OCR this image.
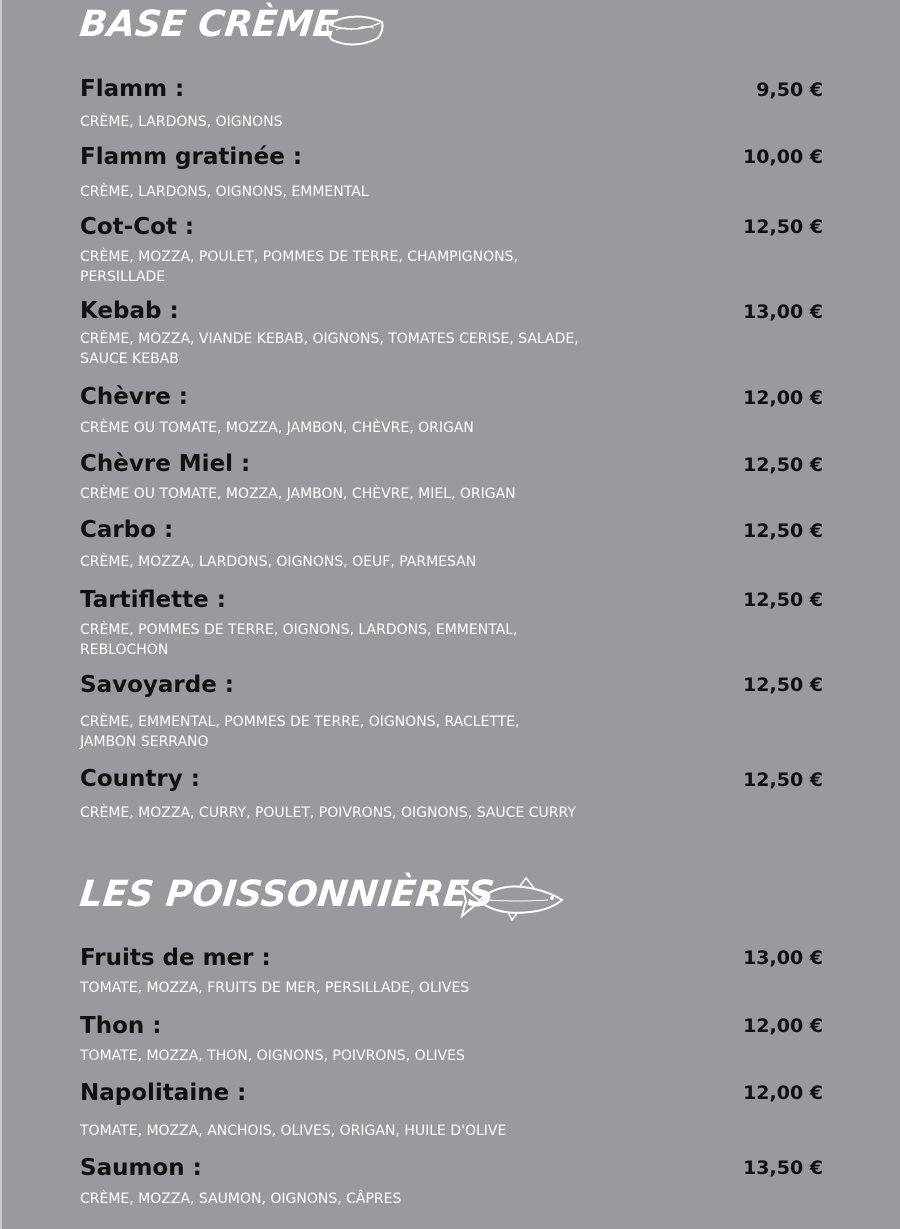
BASE CRÈME
Flamm :	9,50 €
CRÈME, LARDONS, OIGNONS
Flamm gratinée :	10,00 €
CRÈME, LARDONS, OIGNONS, EMMENTAL
Cot-Cot :	12,50 €
CRÈME, MOZZA, POULET, POMMES DE TERRE, CHAMPIGNONS, PERSILLADE
Kebab :	13,00 €
CRÈME, MOZZA, VIANDE KEBAB, OIGNONS, TOMATES CERISE, SALADE, SAUCE KEBAB
Chèvre :	12,00 €
CRÈME OU TOMATE, MOZZA, JAMBON, CHÈVRE, ORIGAN
Chèvre Miel :	12,50 €
CRÈME OU TOMATE, MOZZA, JAMBON, CHÈVRE, MIEL, ORIGAN
Carbo :	12,50 €
CRÈME, MOZZA, LARDONS, OIGNONS, OEUF, PARMESAN
Tartiflette :	12,50 €
CRÈME, POMMES DE TERRE, OIGNONS, LARDONS, EMMENTAL, REBLOCHON
Savoyarde :	12,50 €
CRÈME, EMMENTAL, POMMES DE TERRE, OIGNONS, RACLETTE, JAMBON SERRANO
Country :	12,50 €
CRÈME, MOZZA, CURRY, POULET, POIVRONS, OIGNONS, SAUCE CURRY
LES POISSONNIÈRES
Fruits de mer :	13,00 €
TOMATE, MOZZA, FRUITS DE MER, PERSILLADE, OLIVES
Thon :	12,00 €
TOMATE, MOZZA, THON, OIGNONS, POIVRONS, OLIVES
Napolitaine :	12,00 €
TOMATE, MOZZA, ANCHOIS, OLIVES, ORIGAN, HUILE D'OLIVE
Saumon :	13,50 €
CRÈME, MOZZA, SAUMON, OIGNONS, CÂPRES
